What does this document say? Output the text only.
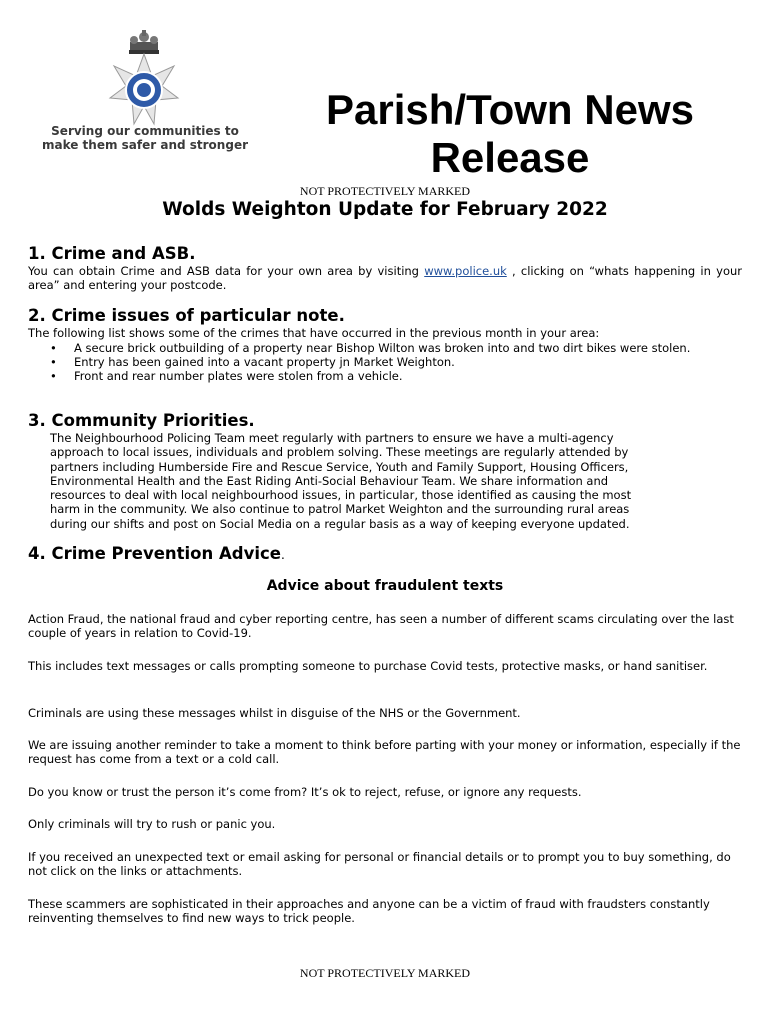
Serving our communities to
make them safer and stronger
Parish/Town News
Release
NOT PROTECTIVELY MARKED
Wolds Weighton Update for February 2022
1. Crime and ASB.
You can obtain Crime and ASB data for your own area by visiting www.police.uk , clicking on “whats happening in your area” and entering your postcode.
2. Crime issues of particular note.
The following list shows some of the crimes that have occurred in the previous month in your area:
• A secure brick outbuilding of a property near Bishop Wilton was broken into and two dirt bikes were stolen.
• Entry has been gained into a vacant property jn Market Weighton.
• Front and rear number plates were stolen from a vehicle.
3. Community Priorities.
The Neighbourhood Policing Team meet regularly with partners to ensure we have a multi-agency
approach to local issues, individuals and problem solving. These meetings are regularly attended by
partners including Humberside Fire and Rescue Service, Youth and Family Support, Housing Officers,
Environmental Health and the East Riding Anti-Social Behaviour Team. We share information and
resources to deal with local neighbourhood issues, in particular, those identified as causing the most
harm in the community. We also continue to patrol Market Weighton and the surrounding rural areas
during our shifts and post on Social Media on a regular basis as a way of keeping everyone updated.
4. Crime Prevention Advice.
Advice about fraudulent texts
Action Fraud, the national fraud and cyber reporting centre, has seen a number of different scams circulating over the last couple of years in relation to Covid-19.
This includes text messages or calls prompting someone to purchase Covid tests, protective masks, or hand sanitiser.
Criminals are using these messages whilst in disguise of the NHS or the Government.
We are issuing another reminder to take a moment to think before parting with your money or information, especially if the request has come from a text or a cold call.
Do you know or trust the person it’s come from? It’s ok to reject, refuse, or ignore any requests.
Only criminals will try to rush or panic you.
If you received an unexpected text or email asking for personal or financial details or to prompt you to buy something, do not click on the links or attachments.
These scammers are sophisticated in their approaches and anyone can be a victim of fraud with fraudsters constantly reinventing themselves to find new ways to trick people.
NOT PROTECTIVELY MARKED
